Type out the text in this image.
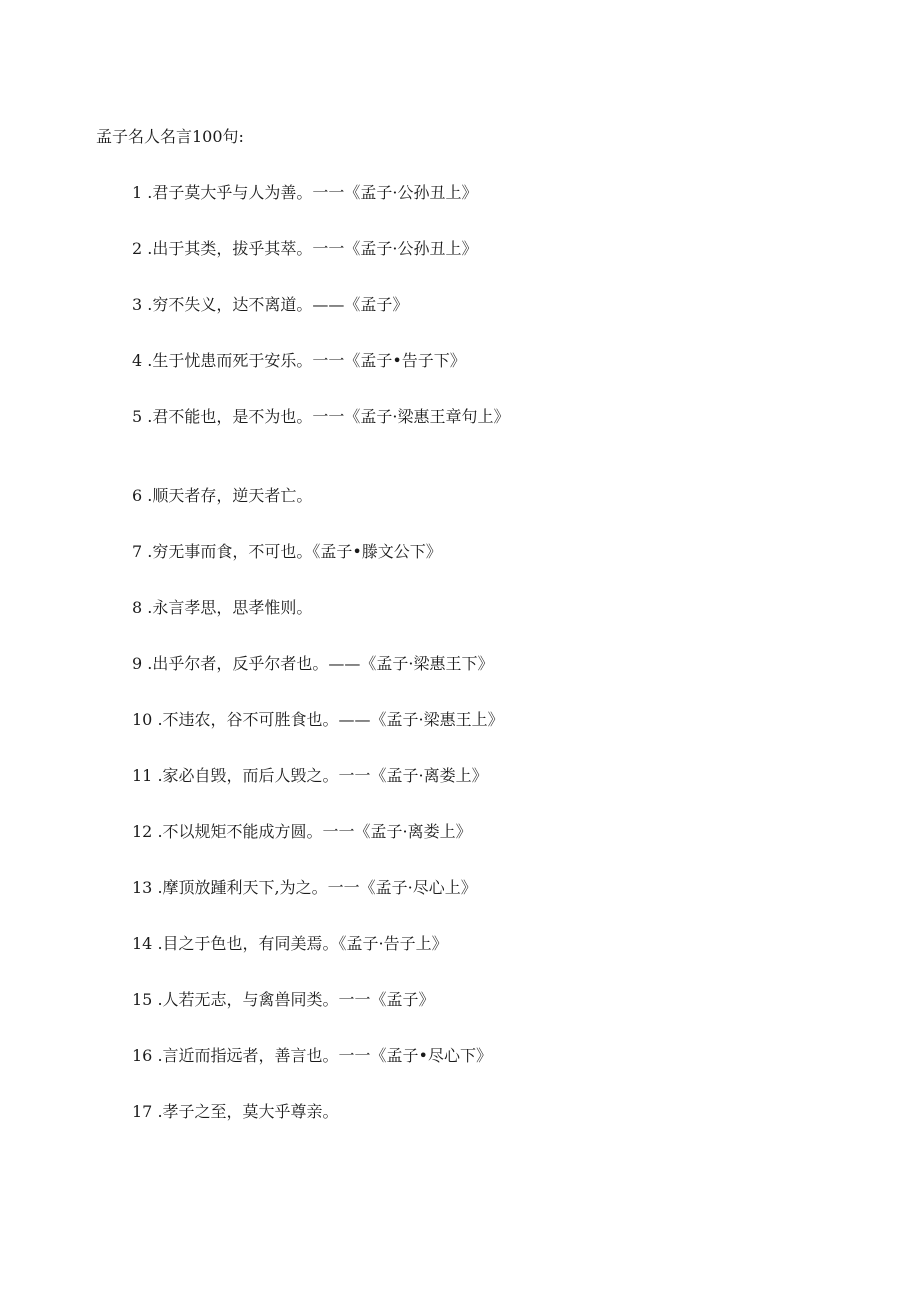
孟子名人名言100句:
1 .君子莫大乎与人为善。一一《孟子·公孙丑上》
2 .出于其类，拔乎其萃。一一《孟子·公孙丑上》
3 .穷不失义，达不离道。——《孟子》
4 .生于忧患而死于安乐。一一《孟子•告子下》
5 .君不能也，是不为也。一一《孟子·梁惠王章句上》
6 .顺天者存，逆天者亡。
7 .穷无事而食，不可也。《孟子•滕文公下》
8 .永言孝思，思孝惟则。
9 .出乎尔者，反乎尔者也。——《孟子·梁惠王下》
10 .不违农，谷不可胜食也。——《孟子·梁惠王上》
11 .家必自毁，而后人毁之。一一《孟子·离娄上》
12 .不以规矩不能成方圆。一一《孟子·离娄上》
13 .摩顶放踵利天下,为之。一一《孟子·尽心上》
14 .目之于色也，有同美焉。《孟子·告子上》
15 .人若无志，与禽兽同类。一一《孟子》
16 .言近而指远者，善言也。一一《孟子•尽心下》
17 .孝子之至，莫大乎尊亲。
